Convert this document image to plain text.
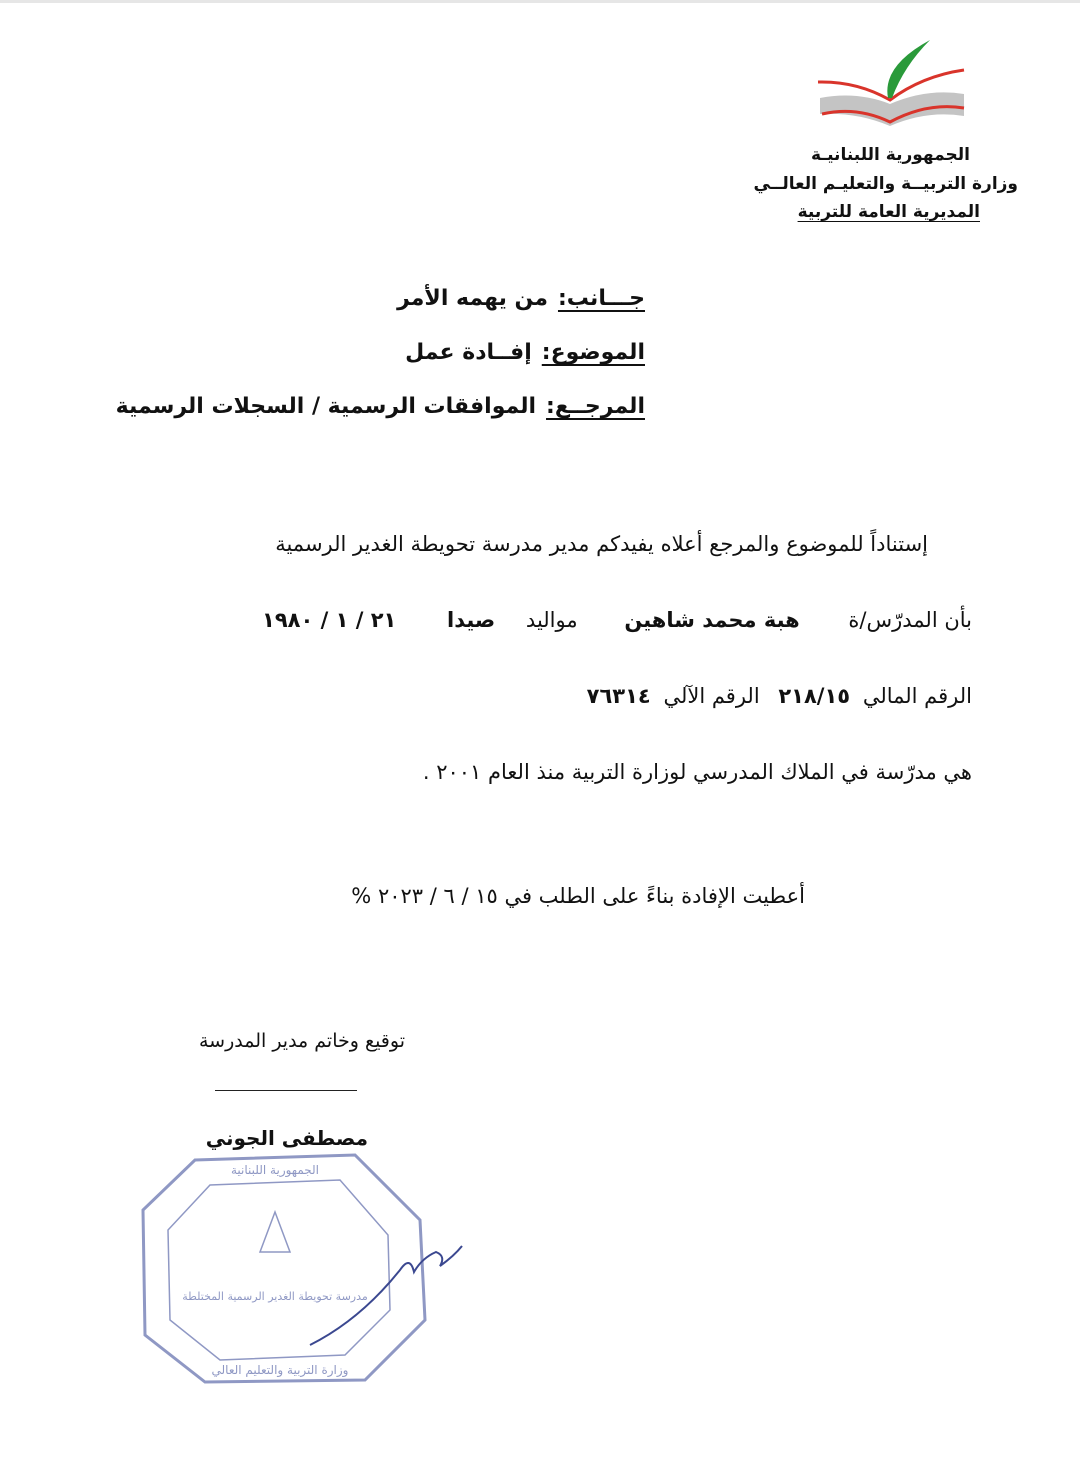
الجمهورية اللبنانيـة
وزارة التربيــة والتعليـم العالــي
المديرية العامة للتربية
جـــانب:من يهمه الأمر
الموضوع:إفــادة عمل
المرجــع:الموافقات الرسمية / السجلات الرسمية
إستناداً للموضوع والمرجع أعلاه يفيدكم مدير مدرسة تحويطة الغدير الرسمية
بأن المدرّس/ة هبة محمد شاهين مواليد صيدا ٢١ / ١ / ١٩٨٠
الرقم المالي ٢١٨/١٥ الرقم الآلي ٧٦٣١٤
هي مدرّسة في الملاك المدرسي لوزارة التربية منذ العام ٢٠٠١ .
أعطيت الإفادة بناءً على الطلب في ١٥ / ٦ / ٢٠٢٣ %
توقيع وخاتم مدير المدرسة
مصطفى الجوني
مدرسة تحويطة الغدير الرسمية المختلطة
الجمهورية اللبنانية
وزارة التربية والتعليم العالي
